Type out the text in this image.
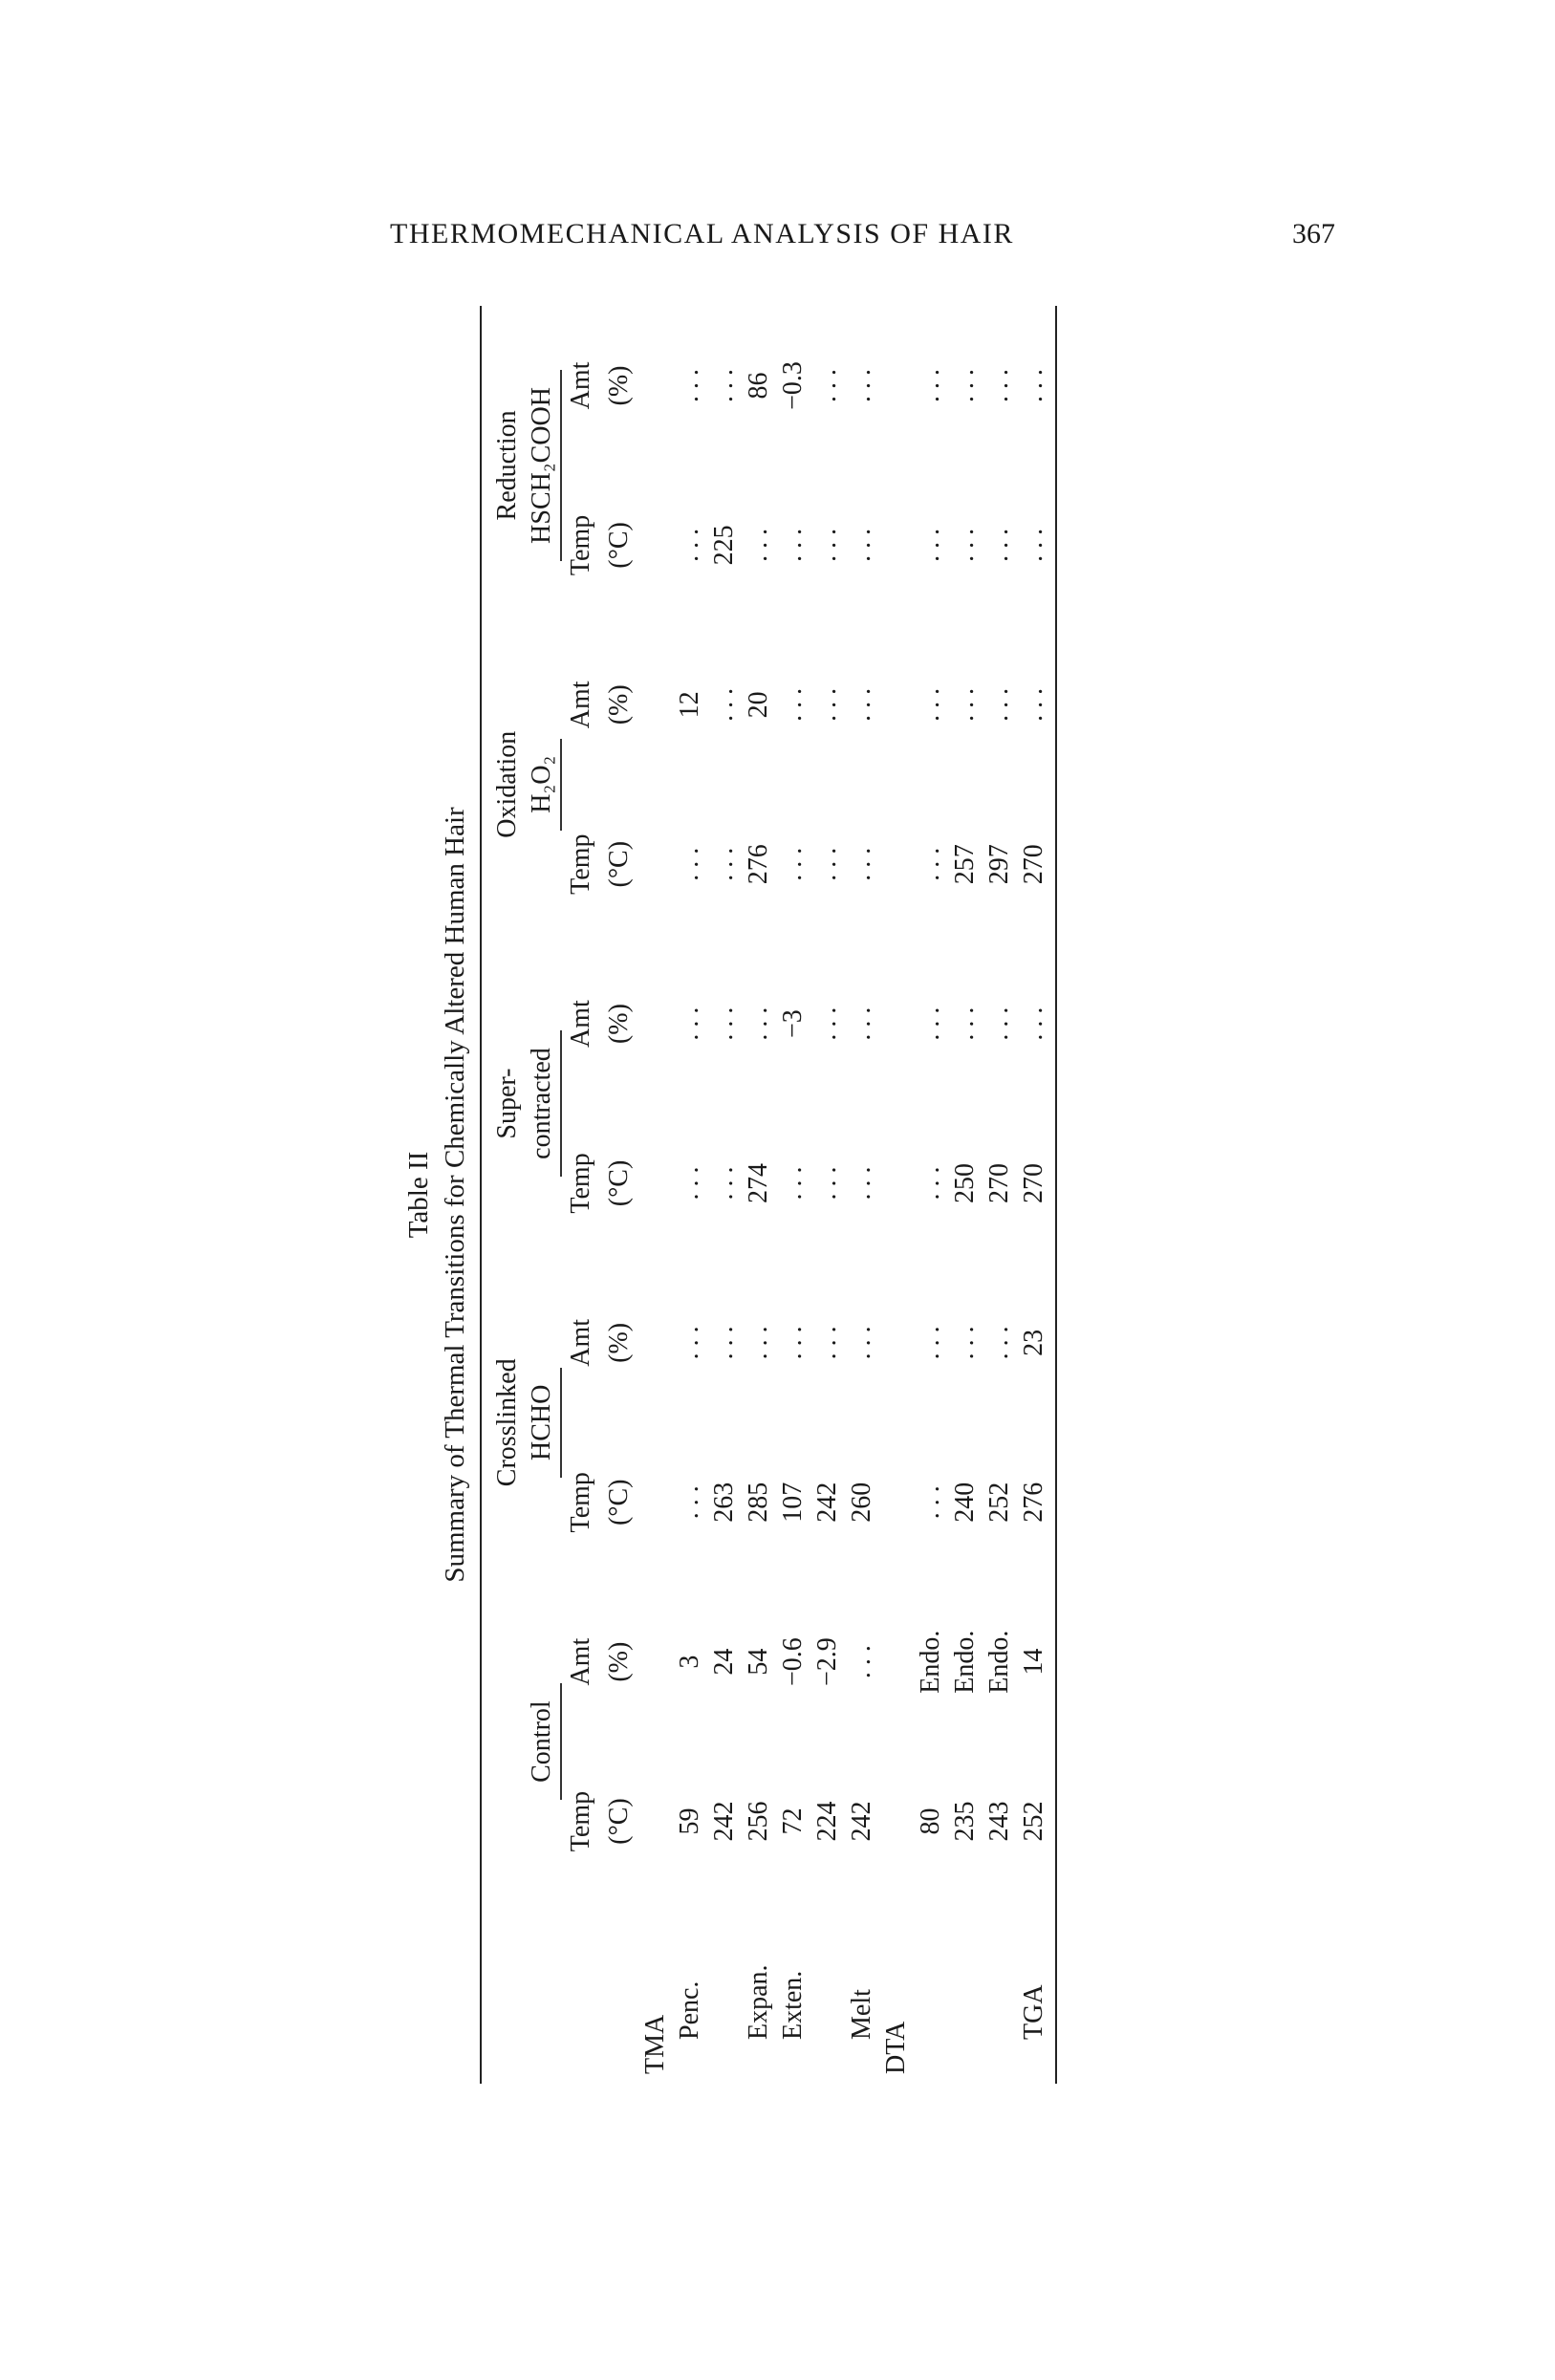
THERMOMECHANICAL ANALYSIS OF HAIR	367
Table II Summary of Thermal Transitions for Chemically Altered Human Hair
			Crosslinked		Super-		Oxidation		Reduction	
	Control		HCHO		contracted		H₂O₂		HSCH₂COOH	
	Temp	Amt	Temp	Amt	Temp	Amt	Temp	Amt	Temp	Amt
	(°C)	(%)	(°C)	(%)	(°C)	(%)	(°C)	(%)	(°C)	(%)
TMA										
Penc.	59	3	. . .	. . .	. . .	. . .	. . .	12	. . .	. . .
	242	24	263	. . .	. . .	. . .	. . .	. . .	225	. . .
Expan.	256	54	285	. . .	274	. . .	276	20	. . .	86
Exten.	72	−0.6	107	. . .	. . .	−3	. . .	. . .	. . .	−0.3
	224	−2.9	242	. . .	. . .	. . .	. . .	. . .	. . .	. . .
Melt	242	. . .	260	. . .	. . .	. . .	. . .	. . .	. . .	. . .
DTA										
	80	Endo.	. . .	. . .	. . .	. . .	. . .	. . .	. . .	. . .
	235	Endo.	240	. . .	250	. . .	257	. . .	. . .	. . .
	243	Endo.	252	. . .	270	. . .	297	. . .	. . .	. . .
TGA	252	14	276	23	270	. . .	270	. . .	. . .	. . .
